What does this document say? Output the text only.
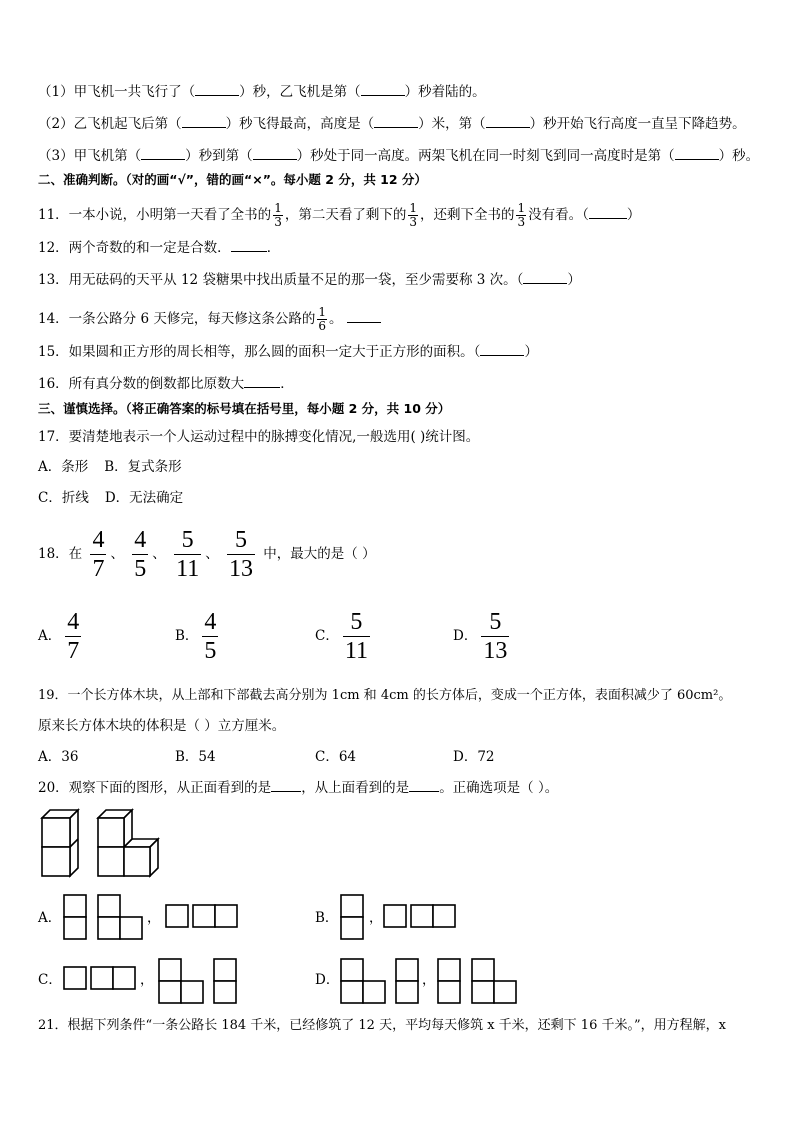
（1）甲飞机一共飞行了（	）秒，乙飞机是第（	）秒着陆的。
（2）乙飞机起飞后第（	）秒飞得最高，高度是（	）米，第（	）秒开始飞行高度一直呈下降趋势。
（3）甲飞机第（	）秒到第（	）秒处于同一高度。两架飞机在同一时刻飞到同一高度时是第（	）秒。
二、准确判断。（对的画“√”，错的画“×”。每小题 2 分，共 12 分）
11．一本小说，小明第一天看了全书的 $\frac{1}{3}$ ，第二天看了剩下的 $\frac{1}{3}$ ，还剩下全书的 $\frac{1}{3}$ 没有看。（	）
12．两个奇数的和一定是合数．	．
13．用无砝码的天平从 12 袋糖果中找出质量不足的那一袋，至少需要称 3 次。（	）
14．一条公路分 6 天修完，每天修这条公路的 $\frac{1}{6}$ 。
15．如果圆和正方形的周长相等，那么圆的面积一定大于正方形的面积。（	）
16．所有真分数的倒数都比原数大	．
三、谨慎选择。（将正确答案的标号填在括号里，每小题 2 分，共 10 分）
17．要清楚地表示一个人运动过程中的脉搏变化情况,一般选用( )统计图。
A．条形 B．复式条形
C．折线 D．无法确定
18．在 $\frac{4}{7}$ 、 $\frac{4}{5}$ 、 $\frac{5}{11}$ 、 $\frac{5}{13}$ 中，最大的是（ ）
A． $\frac{4}{7}$	B． $\frac{4}{5}$	C． $\frac{5}{11}$	D． $\frac{5}{13}$
19．一个长方体木块，从上部和下部截去高分别为 1cm 和 4cm 的长方体后，变成一个正方体，表面积减少了 60cm²。
原来长方体木块的体积是（ ）立方厘米。
A．36	B．54	C．64	D．72
20．观察下面的图形，从正面看到的是 ，从上面看到的是 。正确选项是（ ）。
A．	，	B． ，
C．	，	D．	，
21．根据下列条件“一条公路长 184 千米，已经修筑了 12 天，平均每天修筑 x 千米，还剩下 16 千米。”，用方程解，x
